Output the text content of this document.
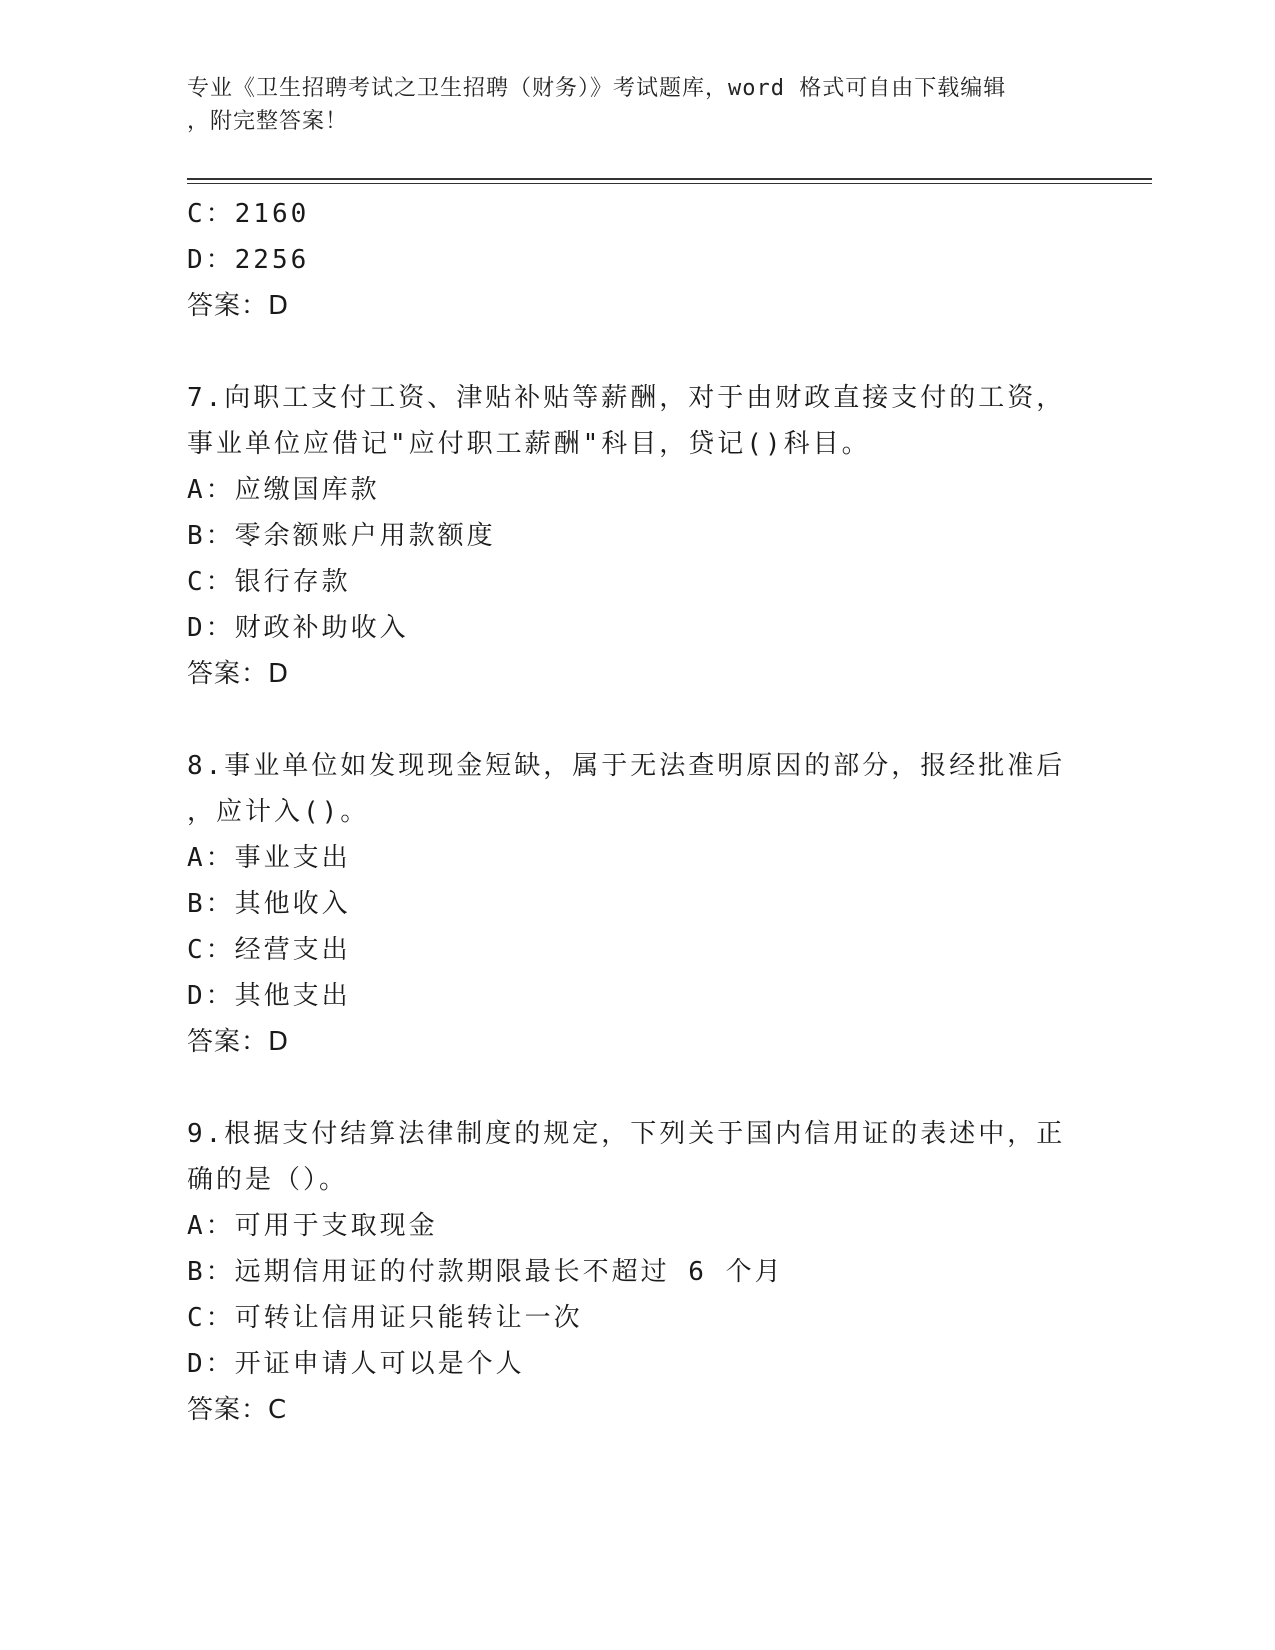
专业《卫生招聘考试之卫生招聘（财务）》考试题库，word 格式可自由下载编辑
，附完整答案！
C：2160
D：2256
答案：D
7.向职工支付工资、津贴补贴等薪酬，对于由财政直接支付的工资，
事业单位应借记"应付职工薪酬"科目，贷记()科目。
A：应缴国库款
B：零余额账户用款额度
C：银行存款
D：财政补助收入
答案：D
8.事业单位如发现现金短缺，属于无法查明原因的部分，报经批准后
，应计入()。
A：事业支出
B：其他收入
C：经营支出
D：其他支出
答案：D
9.根据支付结算法律制度的规定，下列关于国内信用证的表述中，正
确的是（）。
A：可用于支取现金
B：远期信用证的付款期限最长不超过 6 个月
C：可转让信用证只能转让一次
D：开证申请人可以是个人
答案：C
